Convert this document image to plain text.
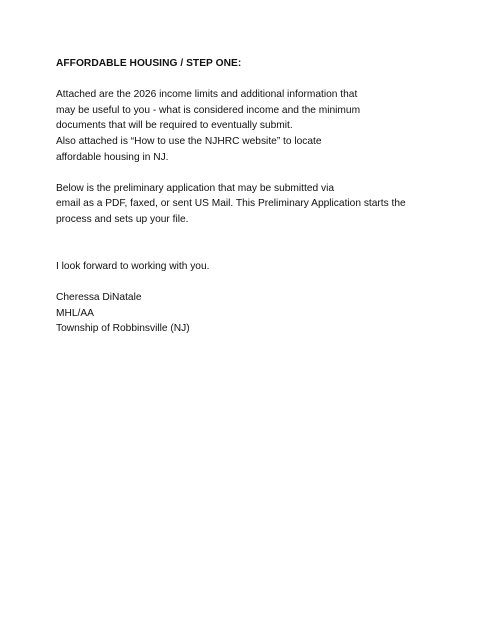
AFFORDABLE HOUSING / STEP ONE:
Attached are the 2026 income limits and additional information that
may be useful to you - what is considered income and the minimum
documents that will be required to eventually submit.
Also attached is “How to use the NJHRC website” to locate
affordable housing in NJ.
Below is the preliminary application that may be submitted via
email as a PDF, faxed, or sent US Mail. This Preliminary Application starts the
process and sets up your file.
I look forward to working with you.
Cheressa DiNatale
MHL/AA
Township of Robbinsville (NJ)
